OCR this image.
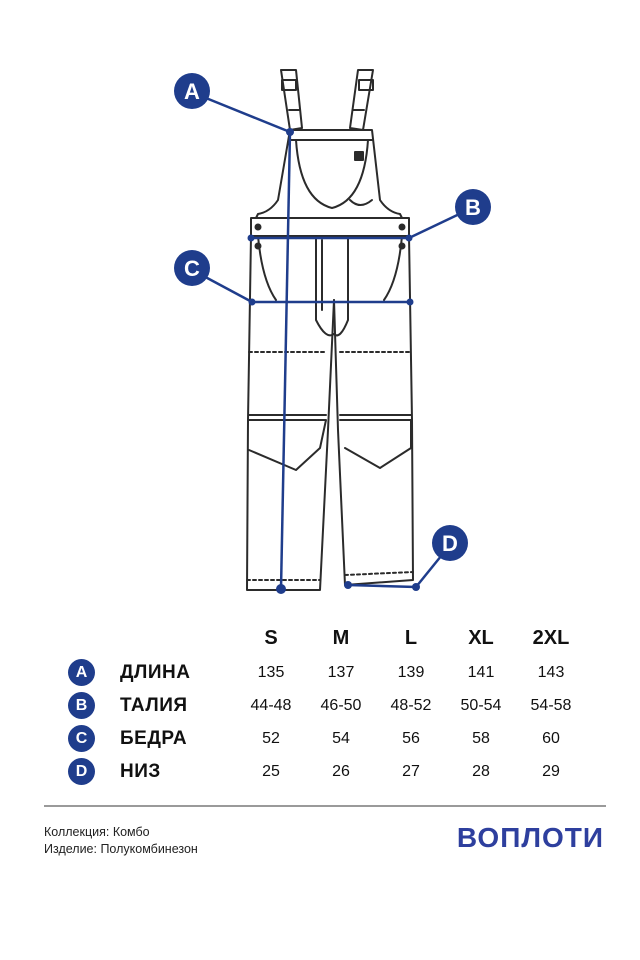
A
B
C
D
S	M	L	XL	2XL
A	ДЛИНА	135	137	139	141	143
B	ТАЛИЯ	44-48	46-50	48-52	50-54	54-58
C	БЕДРА	52	54	56	58	60
D	НИЗ	25	26	27	28	29
Коллекция: Комбо
Изделие: Полукомбинезон	ВОПЛОТИ
